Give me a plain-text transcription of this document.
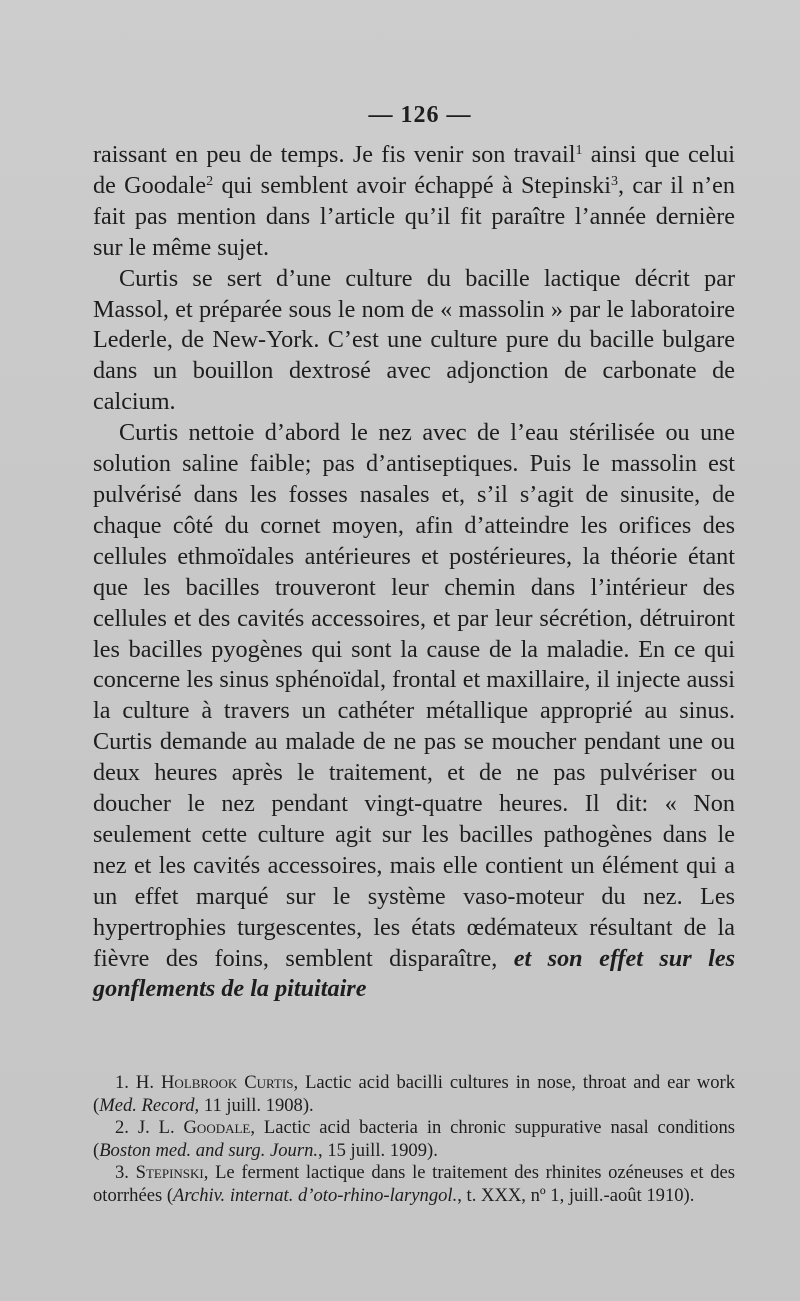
— 126 —

raissant en peu de temps. Je fis venir son travail$^1$ ainsi que celui de Goodale$^2$ qui semblent avoir échappé à Stepinski$^3$, car il n’en fait pas mention dans l’article qu’il fit paraître l’année dernière sur le même sujet.

Curtis se sert d’une culture du bacille lactique décrit par Massol, et préparée sous le nom de « massolin » par le laboratoire Lederle, de New-York. C’est une culture pure du bacille bulgare dans un bouillon dextrosé avec adjonction de carbonate de calcium.

Curtis nettoie d’abord le nez avec de l’eau stérilisée ou une solution saline faible; pas d’antiseptiques. Puis le massolin est pulvérisé dans les fosses nasales et, s’il s’agit de sinusite, de chaque côté du cornet moyen, afin d’atteindre les orifices des cellules ethmoïdales antérieures et postérieures, la théorie étant que les bacilles trouveront leur chemin dans l’intérieur des cellules et des cavités accessoires, et par leur sécrétion, détruiront les bacilles pyogènes qui sont la cause de la maladie. En ce qui concerne les sinus sphénoïdal, frontal et maxillaire, il injecte aussi la culture à travers un cathéter métallique approprié au sinus. Curtis demande au malade de ne pas se moucher pendant une ou deux heures après le traitement, et de ne pas pulvériser ou doucher le nez pendant vingt-quatre heures. Il dit: « Non seulement cette culture agit sur les bacilles pathogènes dans le nez et les cavités accessoires, mais elle contient un élément qui a un effet marqué sur le système vaso-moteur du nez. Les hypertrophies turgescentes, les états œdémateux résultant de la fièvre des foins, semblent disparaître, et son effet sur les gonflements de la pituitaire

1. H. Holbrook Curtis, Lactic acid bacilli cultures in nose, throat and ear work (Med. Record, 11 juill. 1908).

2. J. L. Goodale, Lactic acid bacteria in chronic suppurative nasal conditions (Boston med. and surg. Journ., 15 juill. 1909).

3. Stepinski, Le ferment lactique dans le traitement des rhinites ozéneuses et des otorrhées (Archiv. internat. d’oto-rhino-laryngol., t. XXX, nº 1, juill.-août 1910).
